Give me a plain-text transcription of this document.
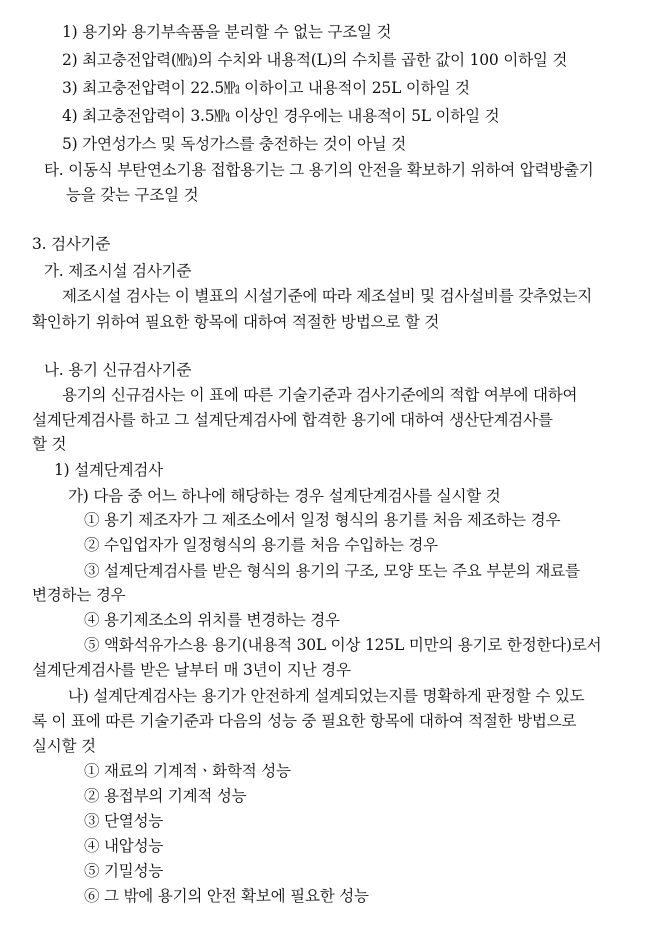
1) 용기와 용기부속품을 분리할 수 없는 구조일 것
2) 최고충전압력(㎫)의 수치와 내용적(L)의 수치를 곱한 값이 100 이하일 것
3) 최고충전압력이 22.5㎫ 이하이고 내용적이 25L 이하일 것
4) 최고충전압력이 3.5㎫ 이상인 경우에는 내용적이 5L 이하일 것
5) 가연성가스 및 독성가스를 충전하는 것이 아닐 것
타. 이동식 부탄연소기용 접합용기는 그 용기의 안전을 확보하기 위하여 압력방출기
능을 갖는 구조일 것
3. 검사기준
가. 제조시설 검사기준
제조시설 검사는 이 별표의 시설기준에 따라 제조설비 및 검사설비를 갖추었는지
확인하기 위하여 필요한 항목에 대하여 적절한 방법으로 할 것
나. 용기 신규검사기준
용기의 신규검사는 이 표에 따른 기술기준과 검사기준에의 적합 여부에 대하여
설계단계검사를 하고 그 설계단계검사에 합격한 용기에 대하여 생산단계검사를
할 것
1) 설계단계검사
가) 다음 중 어느 하나에 해당하는 경우 설계단계검사를 실시할 것
① 용기 제조자가 그 제조소에서 일정 형식의 용기를 처음 제조하는 경우
② 수입업자가 일정형식의 용기를 처음 수입하는 경우
③ 설계단계검사를 받은 형식의 용기의 구조, 모양 또는 주요 부분의 재료를
변경하는 경우
④ 용기제조소의 위치를 변경하는 경우
⑤ 액화석유가스용 용기(내용적 30L 이상 125L 미만의 용기로 한정한다)로서
설계단계검사를 받은 날부터 매 3년이 지난 경우
나) 설계단계검사는 용기가 안전하게 설계되었는지를 명확하게 판정할 수 있도
록 이 표에 따른 기술기준과 다음의 성능 중 필요한 항목에 대하여 적절한 방법으로
실시할 것
① 재료의 기계적ㆍ화학적 성능
② 용접부의 기계적 성능
③ 단열성능
④ 내압성능
⑤ 기밀성능
⑥ 그 밖에 용기의 안전 확보에 필요한 성능
